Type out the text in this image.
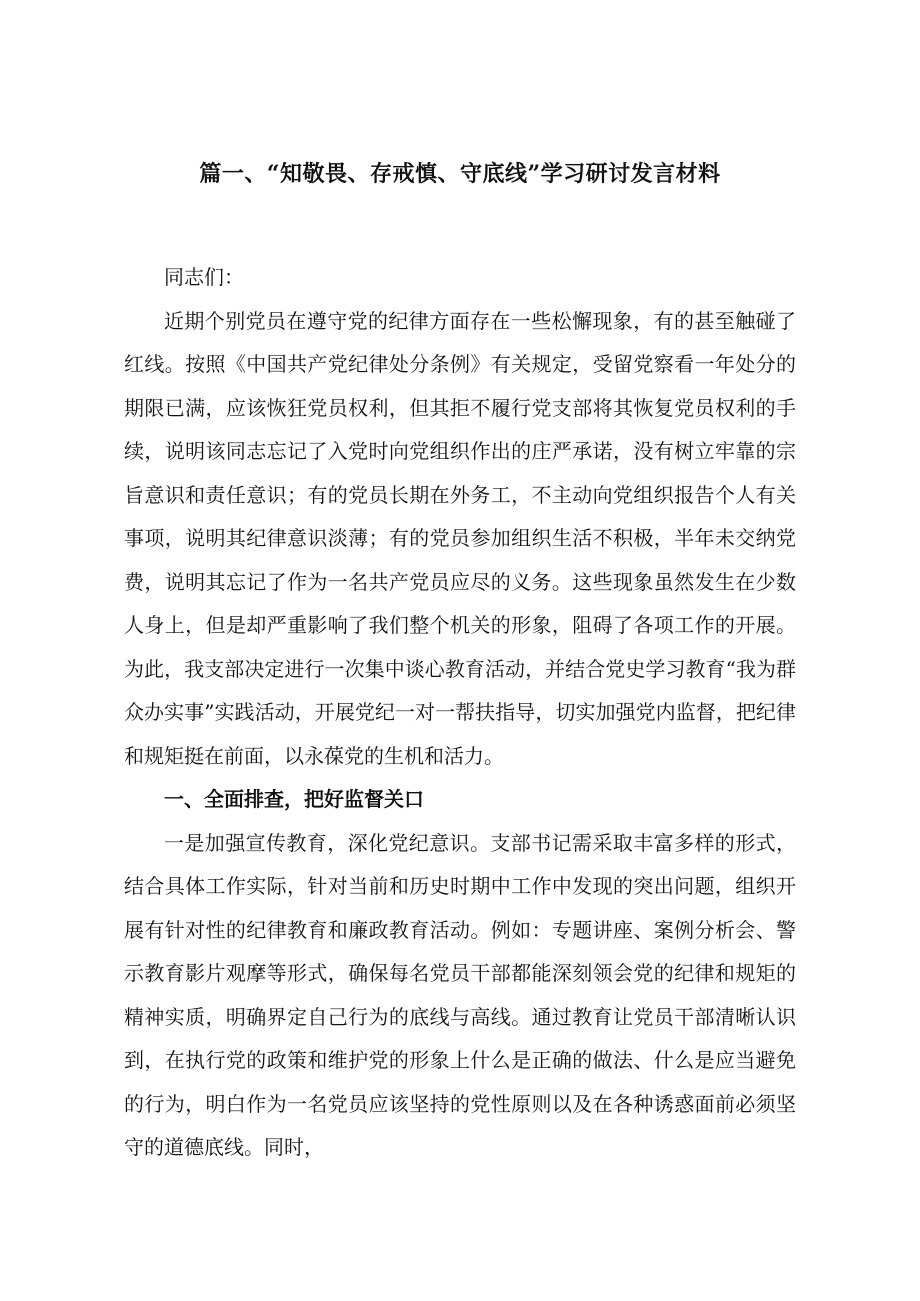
篇一、“知敬畏、存戒慎、守底线”学习研讨发言材料

同志们：

近期个别党员在遵守党的纪律方面存在一些松懈现象，有的甚至触碰了红线。按照《中国共产党纪律处分条例》有关规定，受留党察看一年处分的期限已满，应该恢狂党员权利，但其拒不履行党支部将其恢复党员权利的手续，说明该同志忘记了入党时向党组织作出的庄严承诺，没有树立牢靠的宗旨意识和责任意识；有的党员长期在外务工，不主动向党组织报告个人有关事项，说明其纪律意识淡薄；有的党员参加组织生活不积极，半年未交纳党费，说明其忘记了作为一名共产党员应尽的义务。这些现象虽然发生在少数人身上，但是却严重影响了我们整个机关的形象，阻碍了各项工作的开展。为此，我支部决定进行一次集中谈心教育活动，并结合党史学习教育“我为群众办实事”实践活动，开展党纪一对一帮扶指导，切实加强党内监督，把纪律和规矩挺在前面，以永葆党的生机和活力。

一、全面排查，把好监督关口

一是加强宣传教育，深化党纪意识。支部书记需采取丰富多样的形式，结合具体工作实际，针对当前和历史时期中工作中发现的突出问题，组织开展有针对性的纪律教育和廉政教育活动。例如：专题讲座、案例分析会、警示教育影片观摩等形式，确保每名党员干部都能深刻领会党的纪律和规矩的精神实质，明确界定自己行为的底线与高线。通过教育让党员干部清晰认识到，在执行党的政策和维护党的形象上什么是正确的做法、什么是应当避免的行为，明白作为一名党员应该坚持的党性原则以及在各种诱惑面前必须坚守的道德底线。同时，
